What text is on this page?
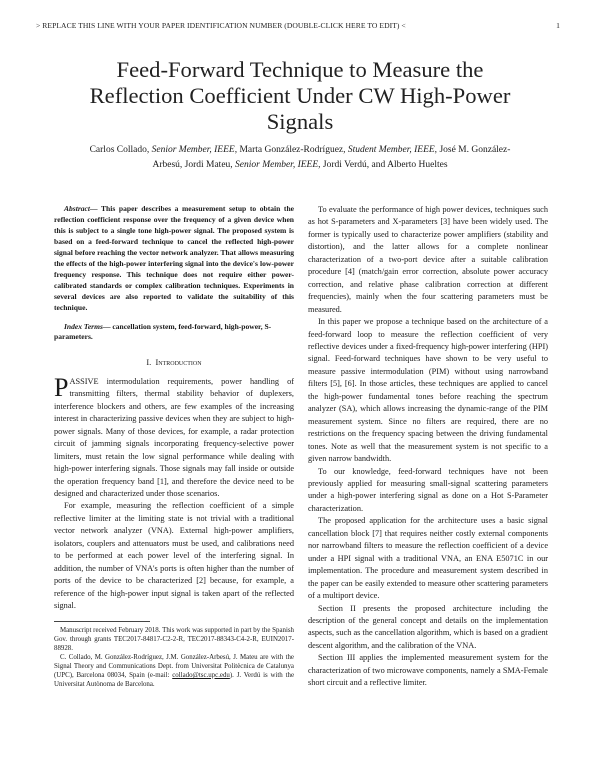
> REPLACE THIS LINE WITH YOUR PAPER IDENTIFICATION NUMBER (DOUBLE-CLICK HERE TO EDIT) <	1
Feed-Forward Technique to Measure the
Reflection Coefficient Under CW High-Power
Signals
Carlos Collado, Senior Member, IEEE, Marta González-Rodríguez, Student Member, IEEE, José M. González-
Arbesú, Jordi Mateu, Senior Member, IEEE, Jordi Verdú, and Alberto Hueltes

Abstract— This paper describes a measurement setup to obtain the reflection coefficient response over the frequency of a given device when this is subject to a single tone high-power signal. The proposed system is based on a feed-forward technique to cancel the reflected high-power signal before reaching the vector network analyzer. That allows measuring the effects of the high-power interfering signal into the device's low-power frequency response. This technique does not require either power-calibrated standards or complex calibration techniques. Experiments in several devices are also reported to validate the suitability of this technique.

Index Terms— cancellation system, feed-forward, high-power, S-parameters.

I. Introduction

PASSIVE intermodulation requirements, power handling of transmitting filters, thermal stability behavior of duplexers, interference blockers and others, are few examples of the increasing interest in characterizing passive devices when they are subject to high-power signals. Many of those devices, for example, a radar protection circuit of jamming signals incorporating frequency-selective power limiters, must retain the low signal performance while dealing with high-power interfering signals. Those signals may fall inside or outside the operation frequency band [1], and therefore the device need to be designed and characterized under those scenarios.

For example, measuring the reflection coefficient of a simple reflective limiter at the limiting state is not trivial with a traditional vector network analyzer (VNA). External high-power amplifiers, isolators, couplers and attenuators must be used, and calibrations need to be performed at each power level of the interfering signal. In addition, the number of VNA's ports is often higher than the number of ports of the device to be characterized [2] because, for example, a reference of the high-power input signal is taken apart of the reflected signal.

Manuscript received February 2018. This work was supported in part by the Spanish Gov. through grants TEC2017-84817-C2-2-R, TEC2017-88343-C4-2-R, EUIN2017-88928.

C. Collado, M. González-Rodríguez, J.M. González-Arbesú, J. Mateu are with the Signal Theory and Communications Dept. from Universitat Politècnica de Catalunya (UPC), Barcelona 08034, Spain (e-mail: collado@tsc.upc.edu). J. Verdú is with the Universitat Autònoma de Barcelona.

To evaluate the performance of high power devices, techniques such as hot S-parameters and X-parameters [3] have been widely used. The former is typically used to characterize power amplifiers (stability and distortion), and the latter allows for a complete nonlinear characterization of a two-port device after a suitable calibration procedure [4] (match/gain error correction, absolute power accuracy correction, and relative phase calibration correction at different frequencies), mainly when the four scattering parameters must be measured.

In this paper we propose a technique based on the architecture of a feed-forward loop to measure the reflection coefficient of very reflective devices under a fixed-frequency high-power interfering (HPI) signal. Feed-forward techniques have shown to be very useful to measure passive intermodulation (PIM) without using narrowband filters [5], [6]. In those articles, these techniques are applied to cancel the high-power fundamental tones before reaching the spectrum analyzer (SA), which allows increasing the dynamic-range of the PIM measurement system. Since no filters are required, there are no restrictions on the frequency spacing between the driving fundamental tones. Note as well that the measurement system is not specific to a given narrow bandwidth.

To our knowledge, feed-forward techniques have not been previously applied for measuring small-signal scattering parameters under a high-power interfering signal as done on a Hot S-Parameter characterization.

The proposed application for the architecture uses a basic signal cancellation block [7] that requires neither costly external components nor narrowband filters to measure the reflection coefficient of a device under a HPI signal with a traditional VNA, an ENA E5071C in our implementation. The procedure and measurement system described in the paper can be easily extended to measure other scattering parameters of a multiport device.

Section II presents the proposed architecture including the description of the general concept and details on the implementation aspects, such as the cancellation algorithm, which is based on a gradient descent algorithm, and the calibration of the VNA.

Section III applies the implemented measurement system for the characterization of two microwave components, namely a SMA-Female short circuit and a reflective limiter.
